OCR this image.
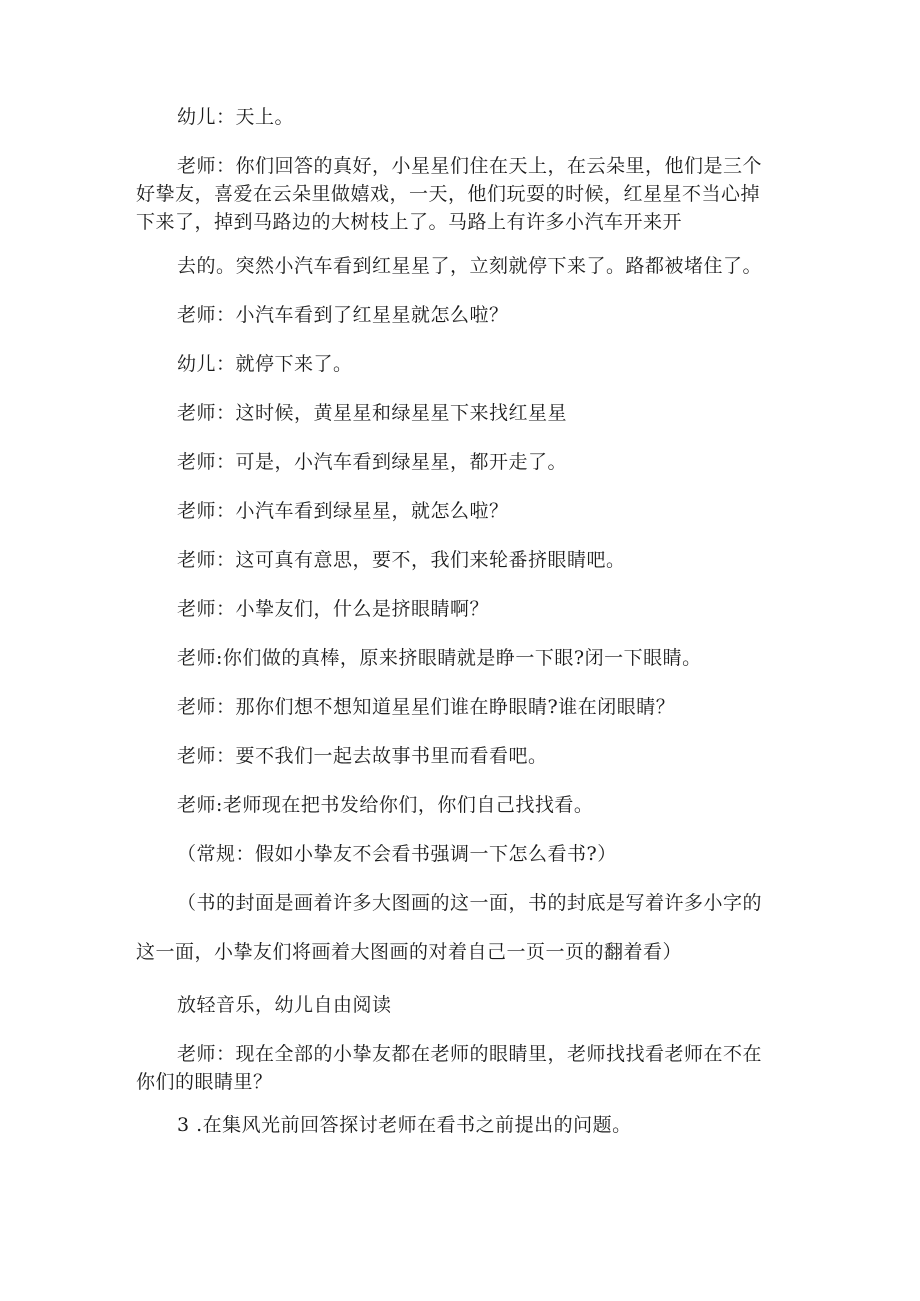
幼儿：天上。
老师：你们回答的真好，小星星们住在天上，在云朵里，他们是三个
好挚友，喜爱在云朵里做嬉戏，一天，他们玩耍的时候，红星星不当心掉
下来了，掉到马路边的大树枝上了。马路上有许多小汽车开来开
去的。突然小汽车看到红星星了，立刻就停下来了。路都被堵住了。
老师：小汽车看到了红星星就怎么啦？
幼儿：就停下来了。
老师：这时候，黄星星和绿星星下来找红星星
老师：可是，小汽车看到绿星星，都开走了。
老师：小汽车看到绿星星，就怎么啦？
老师：这可真有意思，要不，我们来轮番挤眼睛吧。
老师：小挚友们，什么是挤眼睛啊？
老师:你们做的真棒，原来挤眼睛就是睁一下眼?闭一下眼睛。
老师：那你们想不想知道星星们谁在睁眼睛?谁在闭眼睛？
老师：要不我们一起去故事书里而看看吧。
老师:老师现在把书发给你们，你们自己找找看。
（常规：假如小挚友不会看书强调一下怎么看书?）
（书的封面是画着许多大图画的这一面，书的封底是写着许多小字的
这一面，小挚友们将画着大图画的对着自己一页一页的翻着看）
放轻音乐，幼儿自由阅读
老师：现在全部的小挚友都在老师的眼睛里，老师找找看老师在不在
你们的眼睛里？
3 .在集风光前回答探讨老师在看书之前提出的问题。
